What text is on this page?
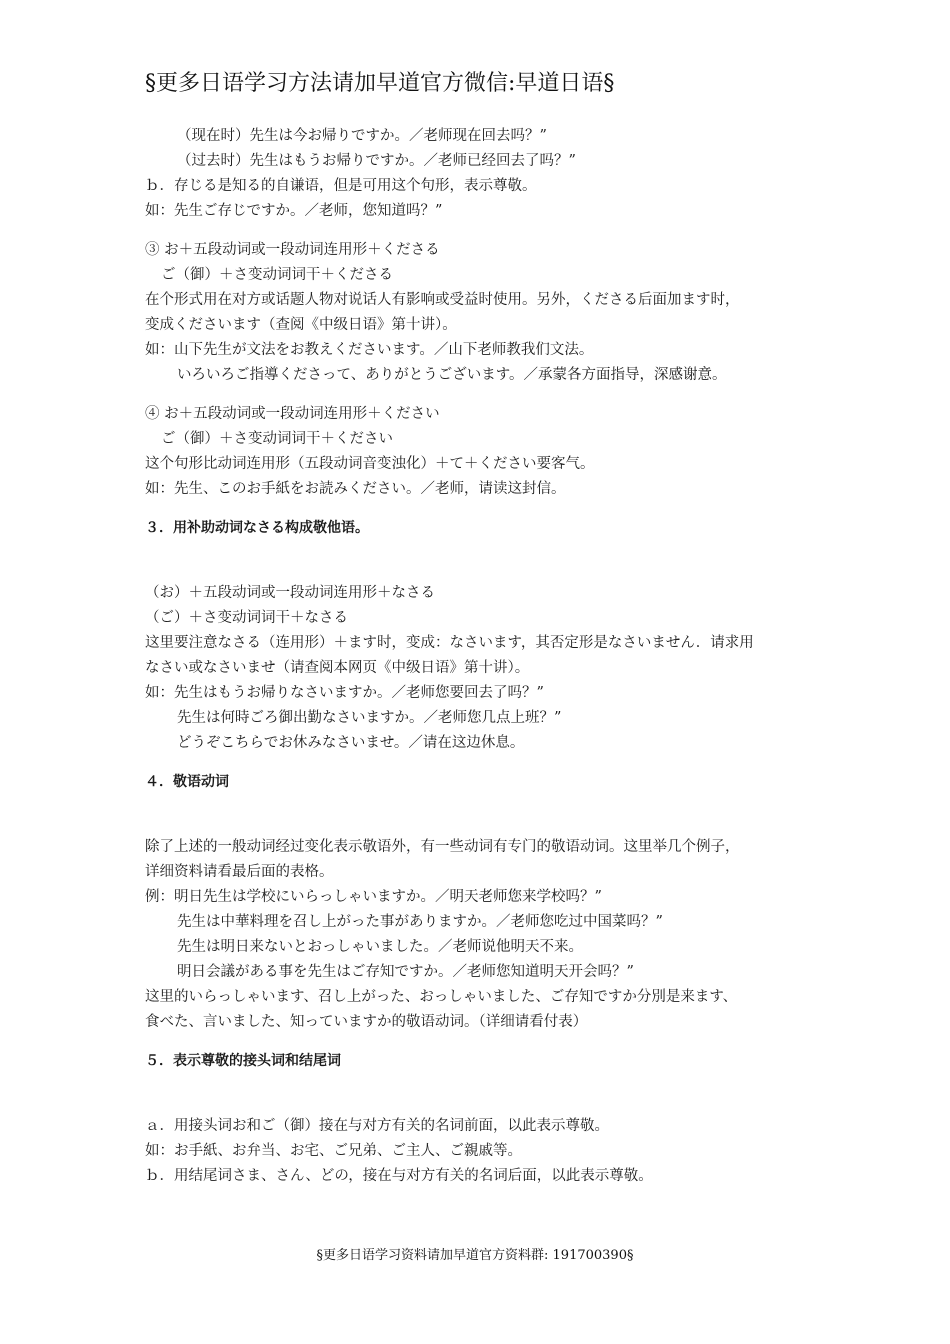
§更多日语学习方法请加早道官方微信:早道日语§
（现在时）先生は今お帰りですか。／老师现在回去吗？”
（过去时）先生はもうお帰りですか。／老师已经回去了吗？”
ｂ．存じる是知る的自谦语，但是可用这个句形，表示尊敬。
如：先生ご存じですか。／老师，您知道吗？”
③ お＋五段动词或一段动词连用形＋くださる
ご（御）＋さ变动词词干＋くださる
在个形式用在对方或话题人物对说话人有影响或受益时使用。另外，くださる后面加ます时，
变成くださいます（查阅《中级日语》第十讲）。
如：山下先生が文法をお教えくださいます。／山下老师教我们文法。
いろいろご指導くださって、ありがとうございます。／承蒙各方面指导，深感谢意。
④ お＋五段动词或一段动词连用形＋ください
ご（御）＋さ变动词词干＋ください
这个句形比动词连用形（五段动词音变浊化）＋て＋ください要客气。
如：先生、このお手紙をお読みください。／老师，请读这封信。
３．用补助动词なさる构成敬他语。
（お）＋五段动词或一段动词连用形＋なさる
（ご）＋さ变动词词干＋なさる
这里要注意なさる（连用形）＋ます时，变成：なさいます，其否定形是なさいません．请求用
なさい或なさいませ（请查阅本网页《中级日语》第十讲）。
如：先生はもうお帰りなさいますか。／老师您要回去了吗？”
先生は何時ごろ御出勤なさいますか。／老师您几点上班？”
どうぞこちらでお休みなさいませ。／请在这边休息。
４．敬语动词
除了上述的一般动词经过变化表示敬语外，有一些动词有专门的敬语动词。这里举几个例子，
详细资料请看最后面的表格。
例：明日先生は学校にいらっしゃいますか。／明天老师您来学校吗？”
先生は中華料理を召し上がった事がありますか。／老师您吃过中国菜吗？”
先生は明日来ないとおっしゃいました。／老师说他明天不来。
明日会議がある事を先生はご存知ですか。／老师您知道明天开会吗？”
这里的いらっしゃいます、召し上がった、おっしゃいました、ご存知ですか分別是来ます、
食べた、言いました、知っていますか的敬语动词。（详细请看付表）
５．表示尊敬的接头词和结尾词
ａ．用接头词お和ご（御）接在与对方有关的名词前面，以此表示尊敬。
如：お手紙、お弁当、お宅、ご兄弟、ご主人、ご親戚等。
ｂ．用结尾词さま、さん、どの，接在与对方有关的名词后面，以此表示尊敬。
§更多日语学习资料请加早道官方资料群: 191700390§
